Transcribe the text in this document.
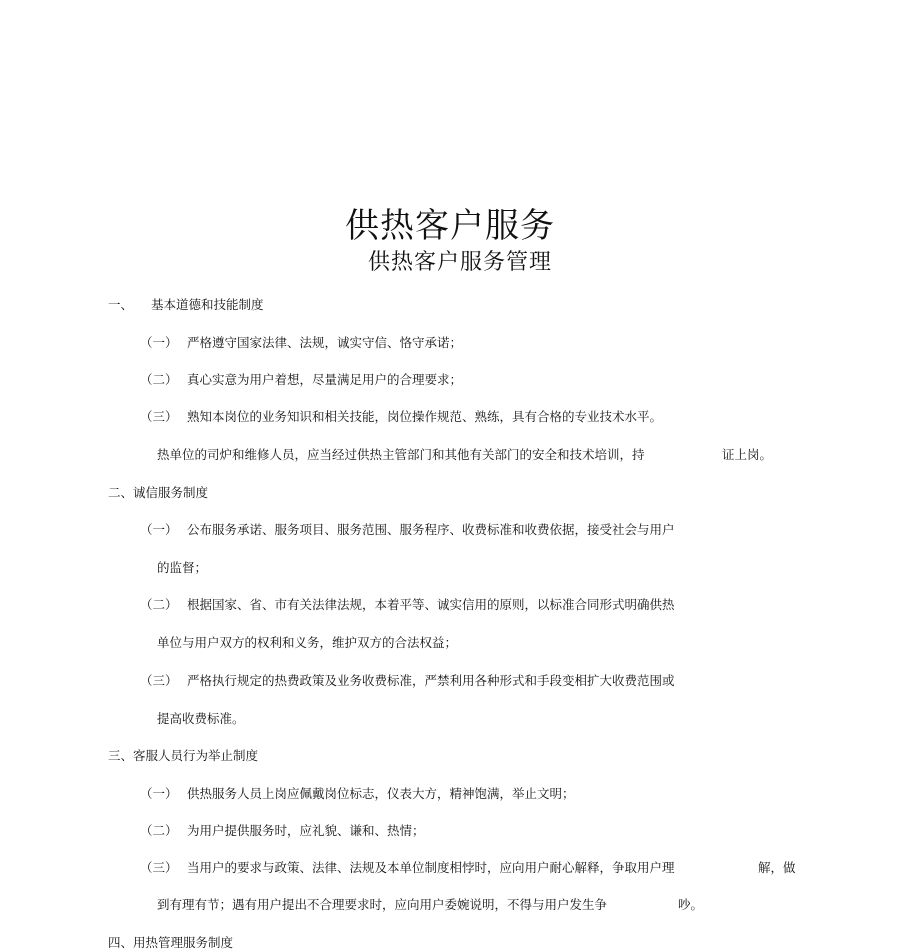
供热客户服务
供热客户服务管理
一、 基本道德和技能制度
（一） 严格遵守国家法律、法规，诚实守信、恪守承诺；
（二） 真心实意为用户着想，尽量满足用户的合理要求；
（三） 熟知本岗位的业务知识和相关技能，岗位操作规范、熟练，具有合格的专业技术水平。
热单位的司炉和维修人员，应当经过供热主管部门和其他有关部门的安全和技术培训，持	证上岗。
二、诚信服务制度
（一） 公布服务承诺、服务项目、服务范围、服务程序、收费标准和收费依据，接受社会与用户
的监督；
（二） 根据国家、省、市有关法律法规，本着平等、诚实信用的原则，以标准合同形式明确供热
单位与用户双方的权利和义务，维护双方的合法权益；
（三） 严格执行规定的热费政策及业务收费标准，严禁利用各种形式和手段变相扩大收费范围或
提高收费标准。
三、客服人员行为举止制度
（一） 供热服务人员上岗应佩戴岗位标志，仪表大方，精神饱满，举止文明；
（二） 为用户提供服务时，应礼貌、谦和、热情；
（三） 当用户的要求与政策、法律、法规及本单位制度相悖时，应向用户耐心解释，争取用户理	解，做
到有理有节；遇有用户提出不合理要求时，应向用户委婉说明，不得与用户发生争	吵。
四、用热管理服务制度
